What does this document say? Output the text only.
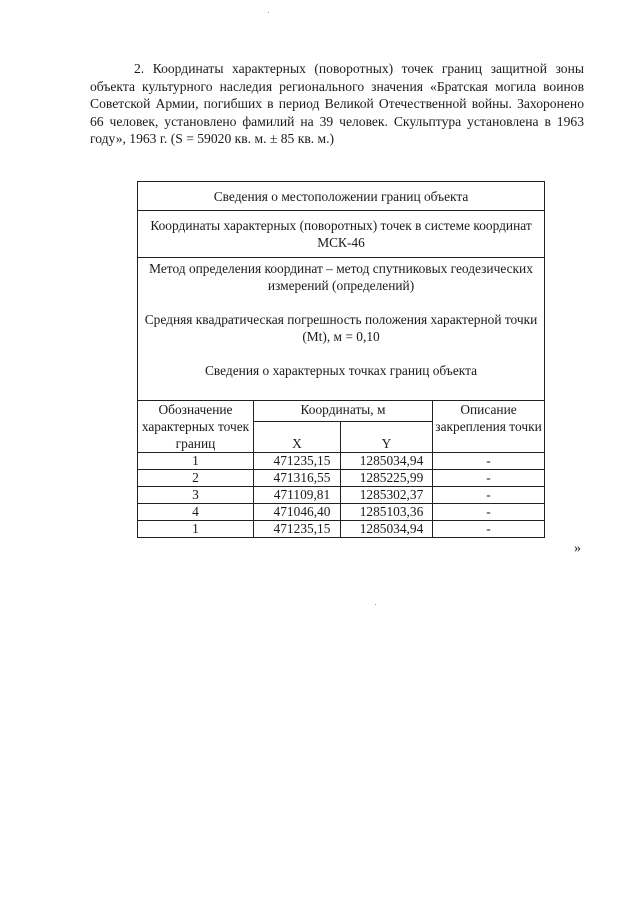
2. Координаты характерных (поворотных) точек границ защитной зоны объекта культурного наследия регионального значения «Братская могила воинов Советской Армии, погибших в период Великой Отечественной войны. Захоронено 66 человек, установлено фамилий на 39 человек. Скульптура установлена в 1963 году», 1963 г. (S = 59020 кв. м. ± 85 кв. м.)

Сведения о местоположении границ объекта			
Координаты характерных (поворотных) точек в системе координат МСК-46			

Метод определения координат – метод спутниковых геодезических измерений (определений)
Средняя квадратическая погрешность положения характерной точки (Mt), м = 0,10
Сведения о характерных точках границ объекта			

Обозначение характерных точек границ	Координаты, м		Описание закрепления точки
	X	Y	
1	471235,15	1285034,94	-
2	471316,55	1285225,99	-
3	471109,81	1285302,37	-
4	471046,40	1285103,36	-
1	471235,15	1285034,94	-
»
